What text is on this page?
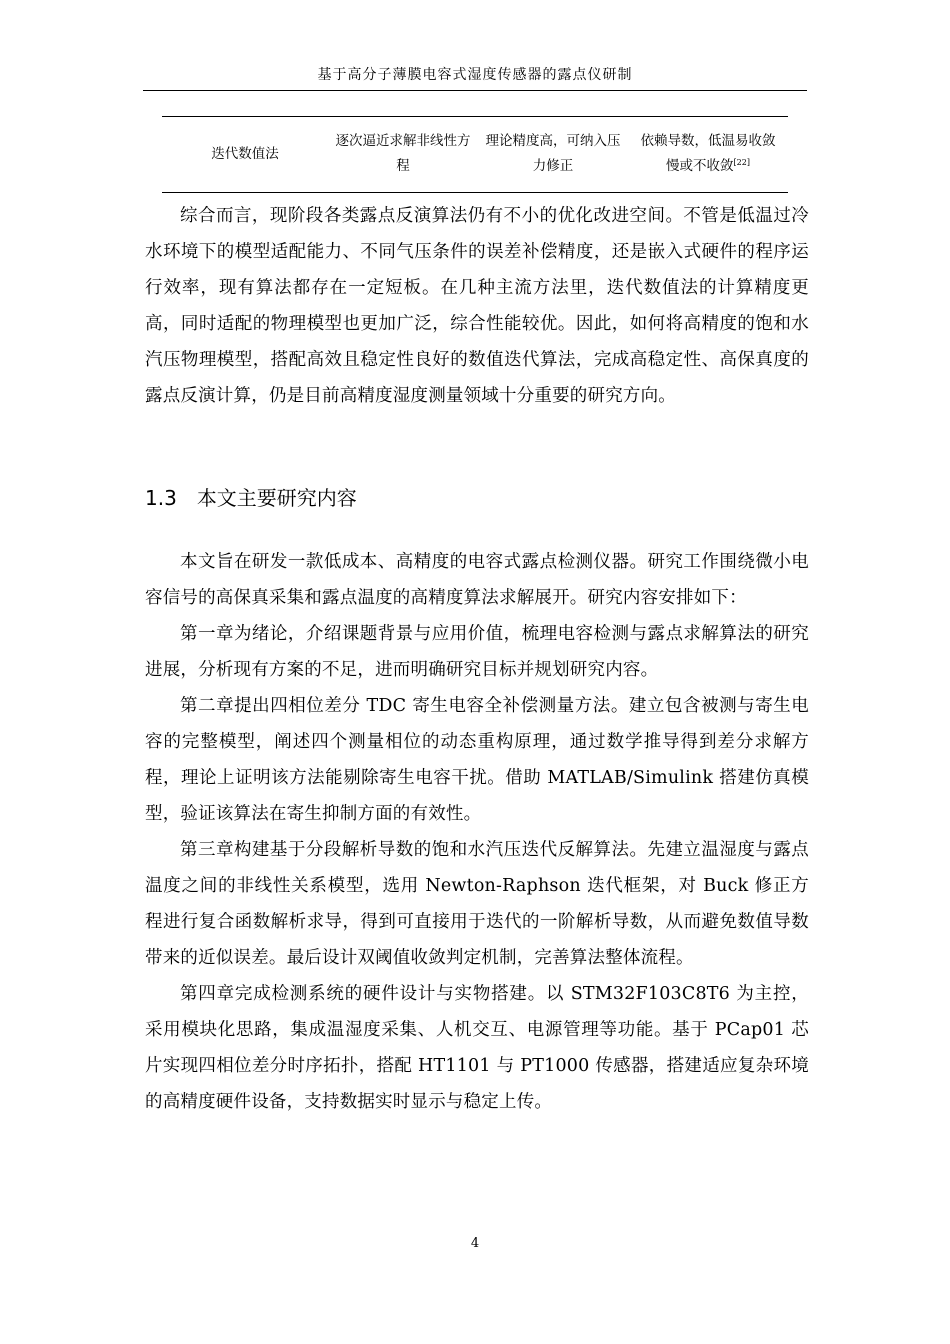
基于高分子薄膜电容式湿度传感器的露点仪研制
迭代数值法
逐次逼近求解非线性方程
理论精度高，可纳入压力修正
依赖导数，低温易收敛慢或不收敛[22]

综合而言，现阶段各类露点反演算法仍有不小的优化改进空间。不管是低温过冷水环境下的模型适配能力、不同气压条件的误差补偿精度，还是嵌入式硬件的程序运行效率，现有算法都存在一定短板。在几种主流方法里，迭代数值法的计算精度更高，同时适配的物理模型也更加广泛，综合性能较优。因此，如何将高精度的饱和水汽压物理模型，搭配高效且稳定性良好的数值迭代算法，完成高稳定性、高保真度的露点反演计算，仍是目前高精度湿度测量领域十分重要的研究方向。

1.3 本文主要研究内容

本文旨在研发一款低成本、高精度的电容式露点检测仪器。研究工作围绕微小电容信号的高保真采集和露点温度的高精度算法求解展开。研究内容安排如下：

第一章为绪论，介绍课题背景与应用价值，梳理电容检测与露点求解算法的研究进展，分析现有方案的不足，进而明确研究目标并规划研究内容。

第二章提出四相位差分 TDC 寄生电容全补偿测量方法。建立包含被测与寄生电容的完整模型，阐述四个测量相位的动态重构原理，通过数学推导得到差分求解方程，理论上证明该方法能剔除寄生电容干扰。借助 MATLAB/Simulink 搭建仿真模型，验证该算法在寄生抑制方面的有效性。

第三章构建基于分段解析导数的饱和水汽压迭代反解算法。先建立温湿度与露点温度之间的非线性关系模型，选用 Newton-Raphson 迭代框架，对 Buck 修正方程进行复合函数解析求导，得到可直接用于迭代的一阶解析导数，从而避免数值导数带来的近似误差。最后设计双阈值收敛判定机制，完善算法整体流程。

第四章完成检测系统的硬件设计与实物搭建。以 STM32F103C8T6 为主控，采用模块化思路，集成温湿度采集、人机交互、电源管理等功能。基于 PCap01 芯片实现四相位差分时序拓扑，搭配 HT1101 与 PT1000 传感器，搭建适应复杂环境的高精度硬件设备，支持数据实时显示与稳定上传。

4
